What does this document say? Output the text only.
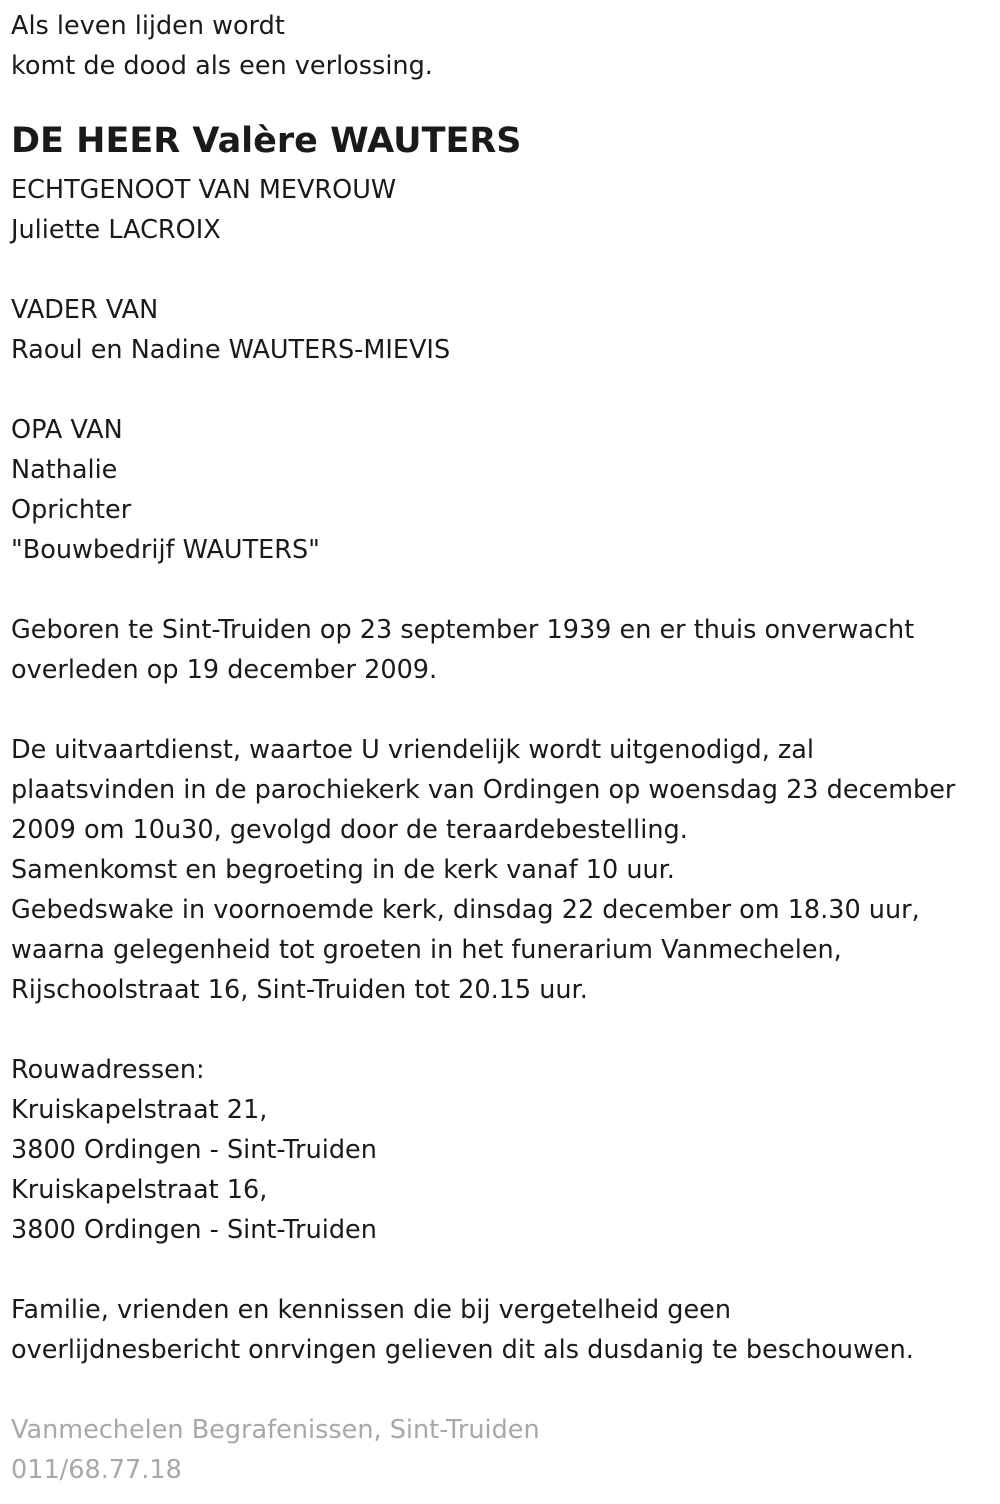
Als leven lijden wordt
komt de dood als een verlossing.
DE HEER Valère WAUTERS
ECHTGENOOT VAN MEVROUW
Juliette LACROIX
VADER VAN
Raoul en Nadine WAUTERS-MIEVIS
OPA VAN
Nathalie
Oprichter
"Bouwbedrijf WAUTERS"
Geboren te Sint-Truiden op 23 september 1939 en er thuis onverwacht
overleden op 19 december 2009.
De uitvaartdienst, waartoe U vriendelijk wordt uitgenodigd, zal
plaatsvinden in de parochiekerk van Ordingen op woensdag 23 december
2009 om 10u30, gevolgd door de teraardebestelling.
Samenkomst en begroeting in de kerk vanaf 10 uur.
Gebedswake in voornoemde kerk, dinsdag 22 december om 18.30 uur,
waarna gelegenheid tot groeten in het funerarium Vanmechelen,
Rijschoolstraat 16, Sint-Truiden tot 20.15 uur.
Rouwadressen:
Kruiskapelstraat 21,
3800 Ordingen - Sint-Truiden
Kruiskapelstraat 16,
3800 Ordingen - Sint-Truiden
Familie, vrienden en kennissen die bij vergetelheid geen
overlijdnesbericht onrvingen gelieven dit als dusdanig te beschouwen.
Vanmechelen Begrafenissen, Sint-Truiden
011/68.77.18
